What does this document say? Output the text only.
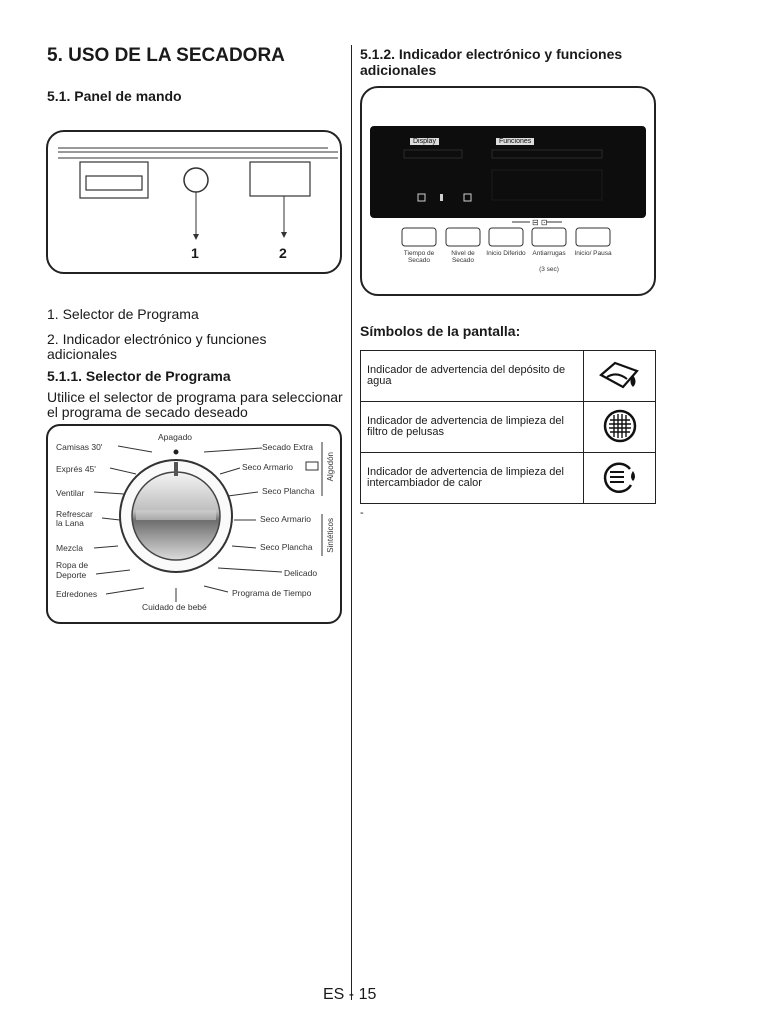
5. USO DE LA SECADORA
5.1. Panel de mando
1	2
1. Selector de Programa
2. Indicador electrónico y funciones adicionales
5.1.1. Selector de Programa
Utilice el selector de programa para seleccionar el programa de secado deseado
Apagado
Camisas 30'
Exprés 45'
Ventilar
Refrescar la Lana
Mezcla
Ropa de Deporte
Edredones
Cuidado de bebé
Secado Extra
Seco Armario
Seco Plancha
Seco Armario
Seco Plancha
Delicado
Programa de Tiempo
Algodón
Sintéticos
5.1.2. Indicador electrónico y funciones adicionales
⊟ ⊡
Display	Funciones
Tiempo de Secado
Nivel de Secado
Inicio Diferido	Antiarrugas
(3 sec)
Inicio/ Pausa
Símbolos de la pantalla:
Indicador de advertencia del depósito de agua	
Indicador de advertencia de limpieza del filtro de pelusas	
Indicador de advertencia de limpieza del intercambiador de calor	
-
ES - 15
